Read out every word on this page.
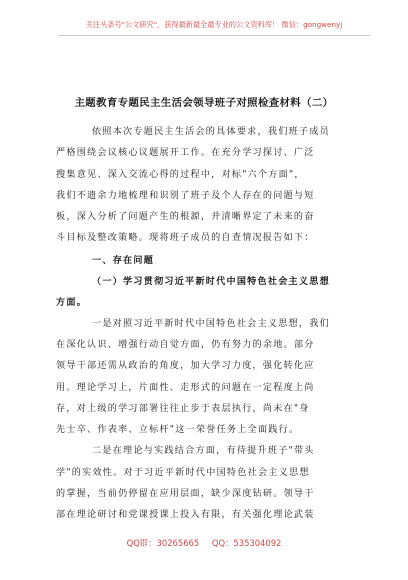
关注头条号"公文研究"，获得最新最全最专业的公文资料库！ 微信：gongwenyj
主题教育专题民主生活会领导班子对照检查材料（二）
依照本次专题民主生活会的具体要求，我们班子成员
严格围绕会议核心议题展开工作。在充分学习探讨、广泛
搜集意见、深入交流心得的过程中，对标"六个方面"，
我们不遗余力地梳理和识别了班子及个人存在的问题与短
板，深入分析了问题产生的根源，并清晰界定了未来的奋
斗目标及整改策略。现将班子成员的自查情况报告如下：
一、存在问题
（一）学习贯彻习近平新时代中国特色社会主义思想
方面。
一是对照习近平新时代中国特色社会主义思想，我们
在深化认识、增强行动自觉方面，仍有努力的余地。部分
领导干部还需从政治的角度，加大学习力度，强化转化应
用。理论学习上，片面性、走形式的问题在一定程度上尚
存，对上级的学习部署往往止步于表层执行，尚未在"身
先士卒、作表率、立标杆"这一荣誉任务上全面践行。
二是在理论与实践结合方面，有待提升班子"带头
学"的实效性。对于习近平新时代中国特色社会主义思想
的掌握，当前仍停留在应用层面，缺少深度钻研。领导干
部在理论研讨和党课授课上投入有限，有关强化理论武装
QQ群：30265665 QQ：535304092
